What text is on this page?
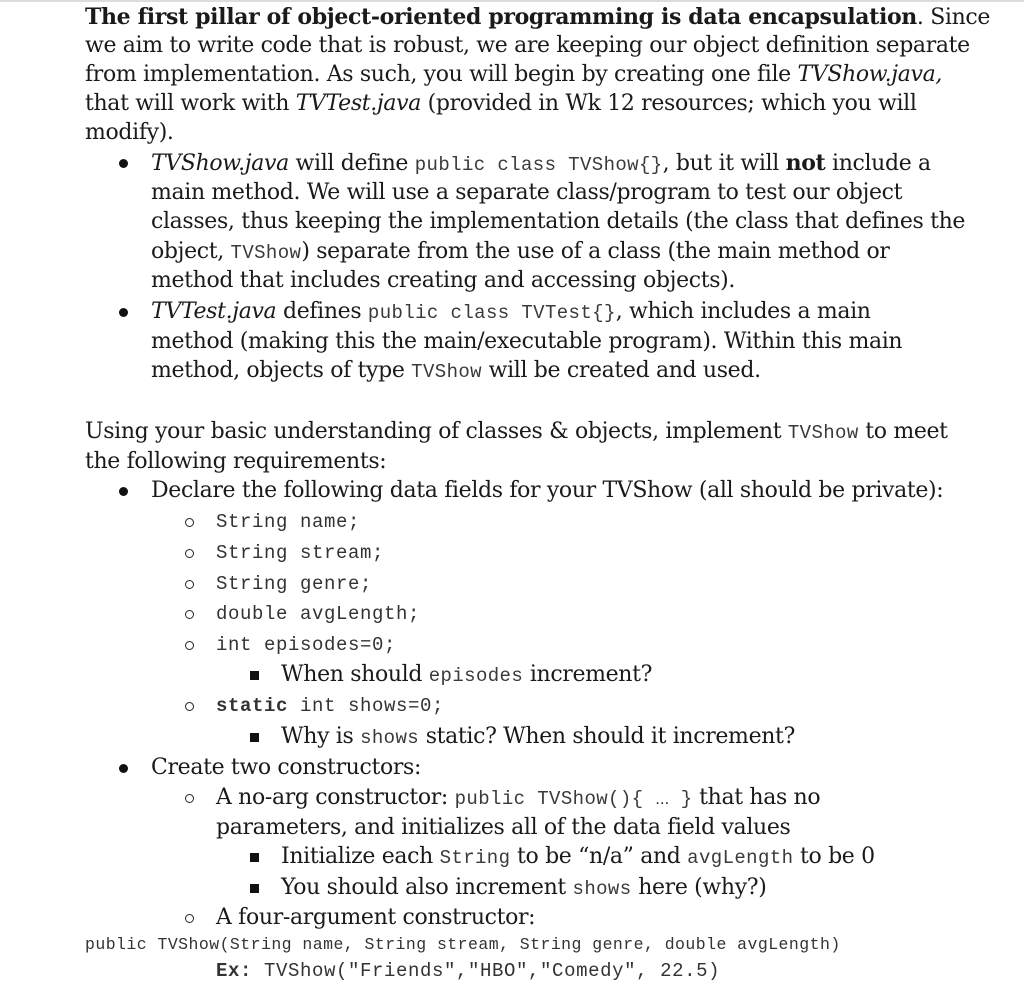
The first pillar of object-oriented programming is data encapsulation. Since
we aim to write code that is robust, we are keeping our object definition separate
from implementation. As such, you will begin by creating one file TVShow.java,
that will work with TVTest.java (provided in Wk 12 resources; which you will
modify).
TVShow.java will define public class TVShow{}, but it will not include a
main method. We will use a separate class/program to test our object
classes, thus keeping the implementation details (the class that defines the
object, TVShow) separate from the use of a class (the main method or
method that includes creating and accessing objects).
TVTest.java defines public class TVTest{}, which includes a main
method (making this the main/executable program). Within this main
method, objects of type TVShow will be created and used.
Using your basic understanding of classes & objects, implement TVShow to meet
the following requirements:
Declare the following data fields for your TVShow (all should be private):
String name;
String stream;
String genre;
double avgLength;
int episodes=0;
When should episodes increment?
static int shows=0;
Why is shows static? When should it increment?
Create two constructors:
A no-arg constructor: public TVShow(){ … } that has no
parameters, and initializes all of the data field values
Initialize each String to be “n/a” and avgLength to be 0
You should also increment shows here (why?)
A four-argument constructor:
public TVShow(String name, String stream, String genre, double avgLength)
Ex: TVShow("Friends","HBO","Comedy", 22.5)
